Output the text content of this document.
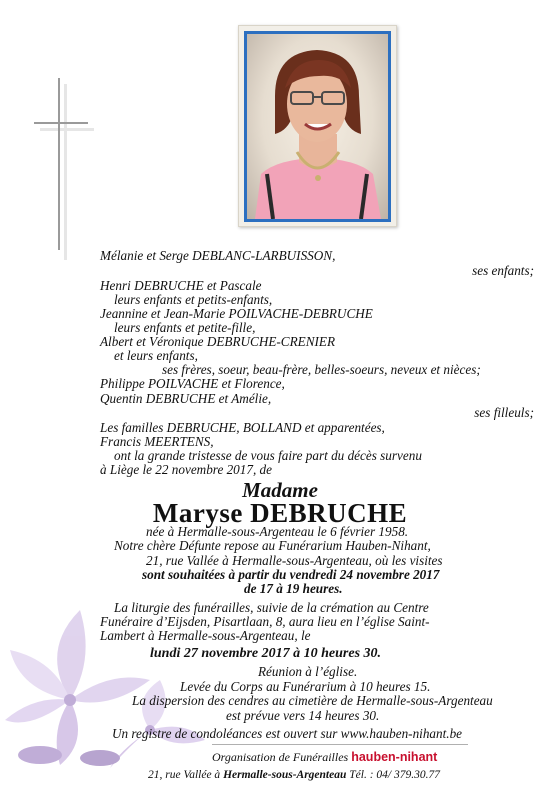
Mélanie et Serge DEBLANC-LARBUISSON,
ses enfants;
Henri DEBRUCHE et Pascale
leurs enfants et petits-enfants,
Jeannine et Jean-Marie POILVACHE-DEBRUCHE
leurs enfants et petite-fille,
Albert et Véronique DEBRUCHE-CRENIER
et leurs enfants,
ses frères, soeur, beau-frère, belles-soeurs, neveux et nièces;
Philippe POILVACHE et Florence,
Quentin DEBRUCHE et Amélie,
ses filleuls;
Les familles DEBRUCHE, BOLLAND et apparentées,
Francis MEERTENS,
ont la grande tristesse de vous faire part du décès survenu
à Liège le 22 novembre 2017, de
Madame
Maryse DEBRUCHE
née à Hermalle-sous-Argenteau le 6 février 1958.
Notre chère Défunte repose au Funérarium Hauben-Nihant,
21, rue Vallée à Hermalle-sous-Argenteau, où les visites
sont souhaitées à partir du vendredi 24 novembre 2017
de 17 à 19 heures.
La liturgie des funérailles, suivie de la crémation au Centre
Funéraire d’Eijsden, Pisartlaan, 8, aura lieu en l’église Saint-
Lambert à Hermalle-sous-Argenteau, le
lundi 27 novembre 2017 à 10 heures 30.
Réunion à l’église.
Levée du Corps au Funérarium à 10 heures 15.
La dispersion des cendres au cimetière de Hermalle-sous-Argenteau
est prévue vers 14 heures 30.
Un registre de condoléances est ouvert sur www.hauben-nihant.be
Organisation de Funérailles hauben-nihant
21, rue Vallée à Hermalle-sous-Argenteau Tél. : 04/ 379.30.77
